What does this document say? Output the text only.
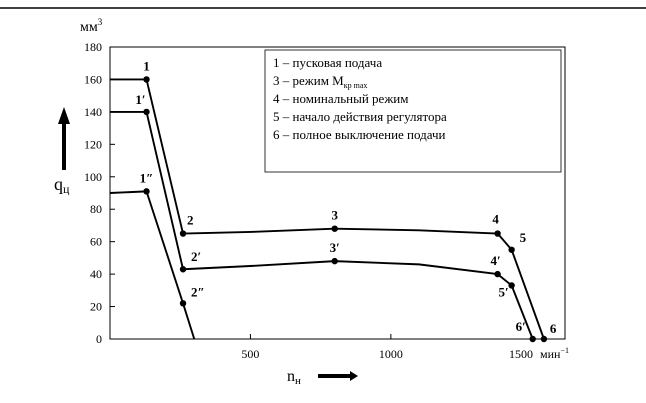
$мм^3$
qц
nн
1500 мин$^{-1}$
0
20
40
60
80
100
120
140
160
180
500	1000
1
2	3	4
5
6
1′
2′
3′
4′
5′
6′
1″
2″
1 – пусковая подача
3 – режим $М_{кр max}$
4 – номинальный режим
5 – начало действия регулятора
6 – полное выключение подачи
